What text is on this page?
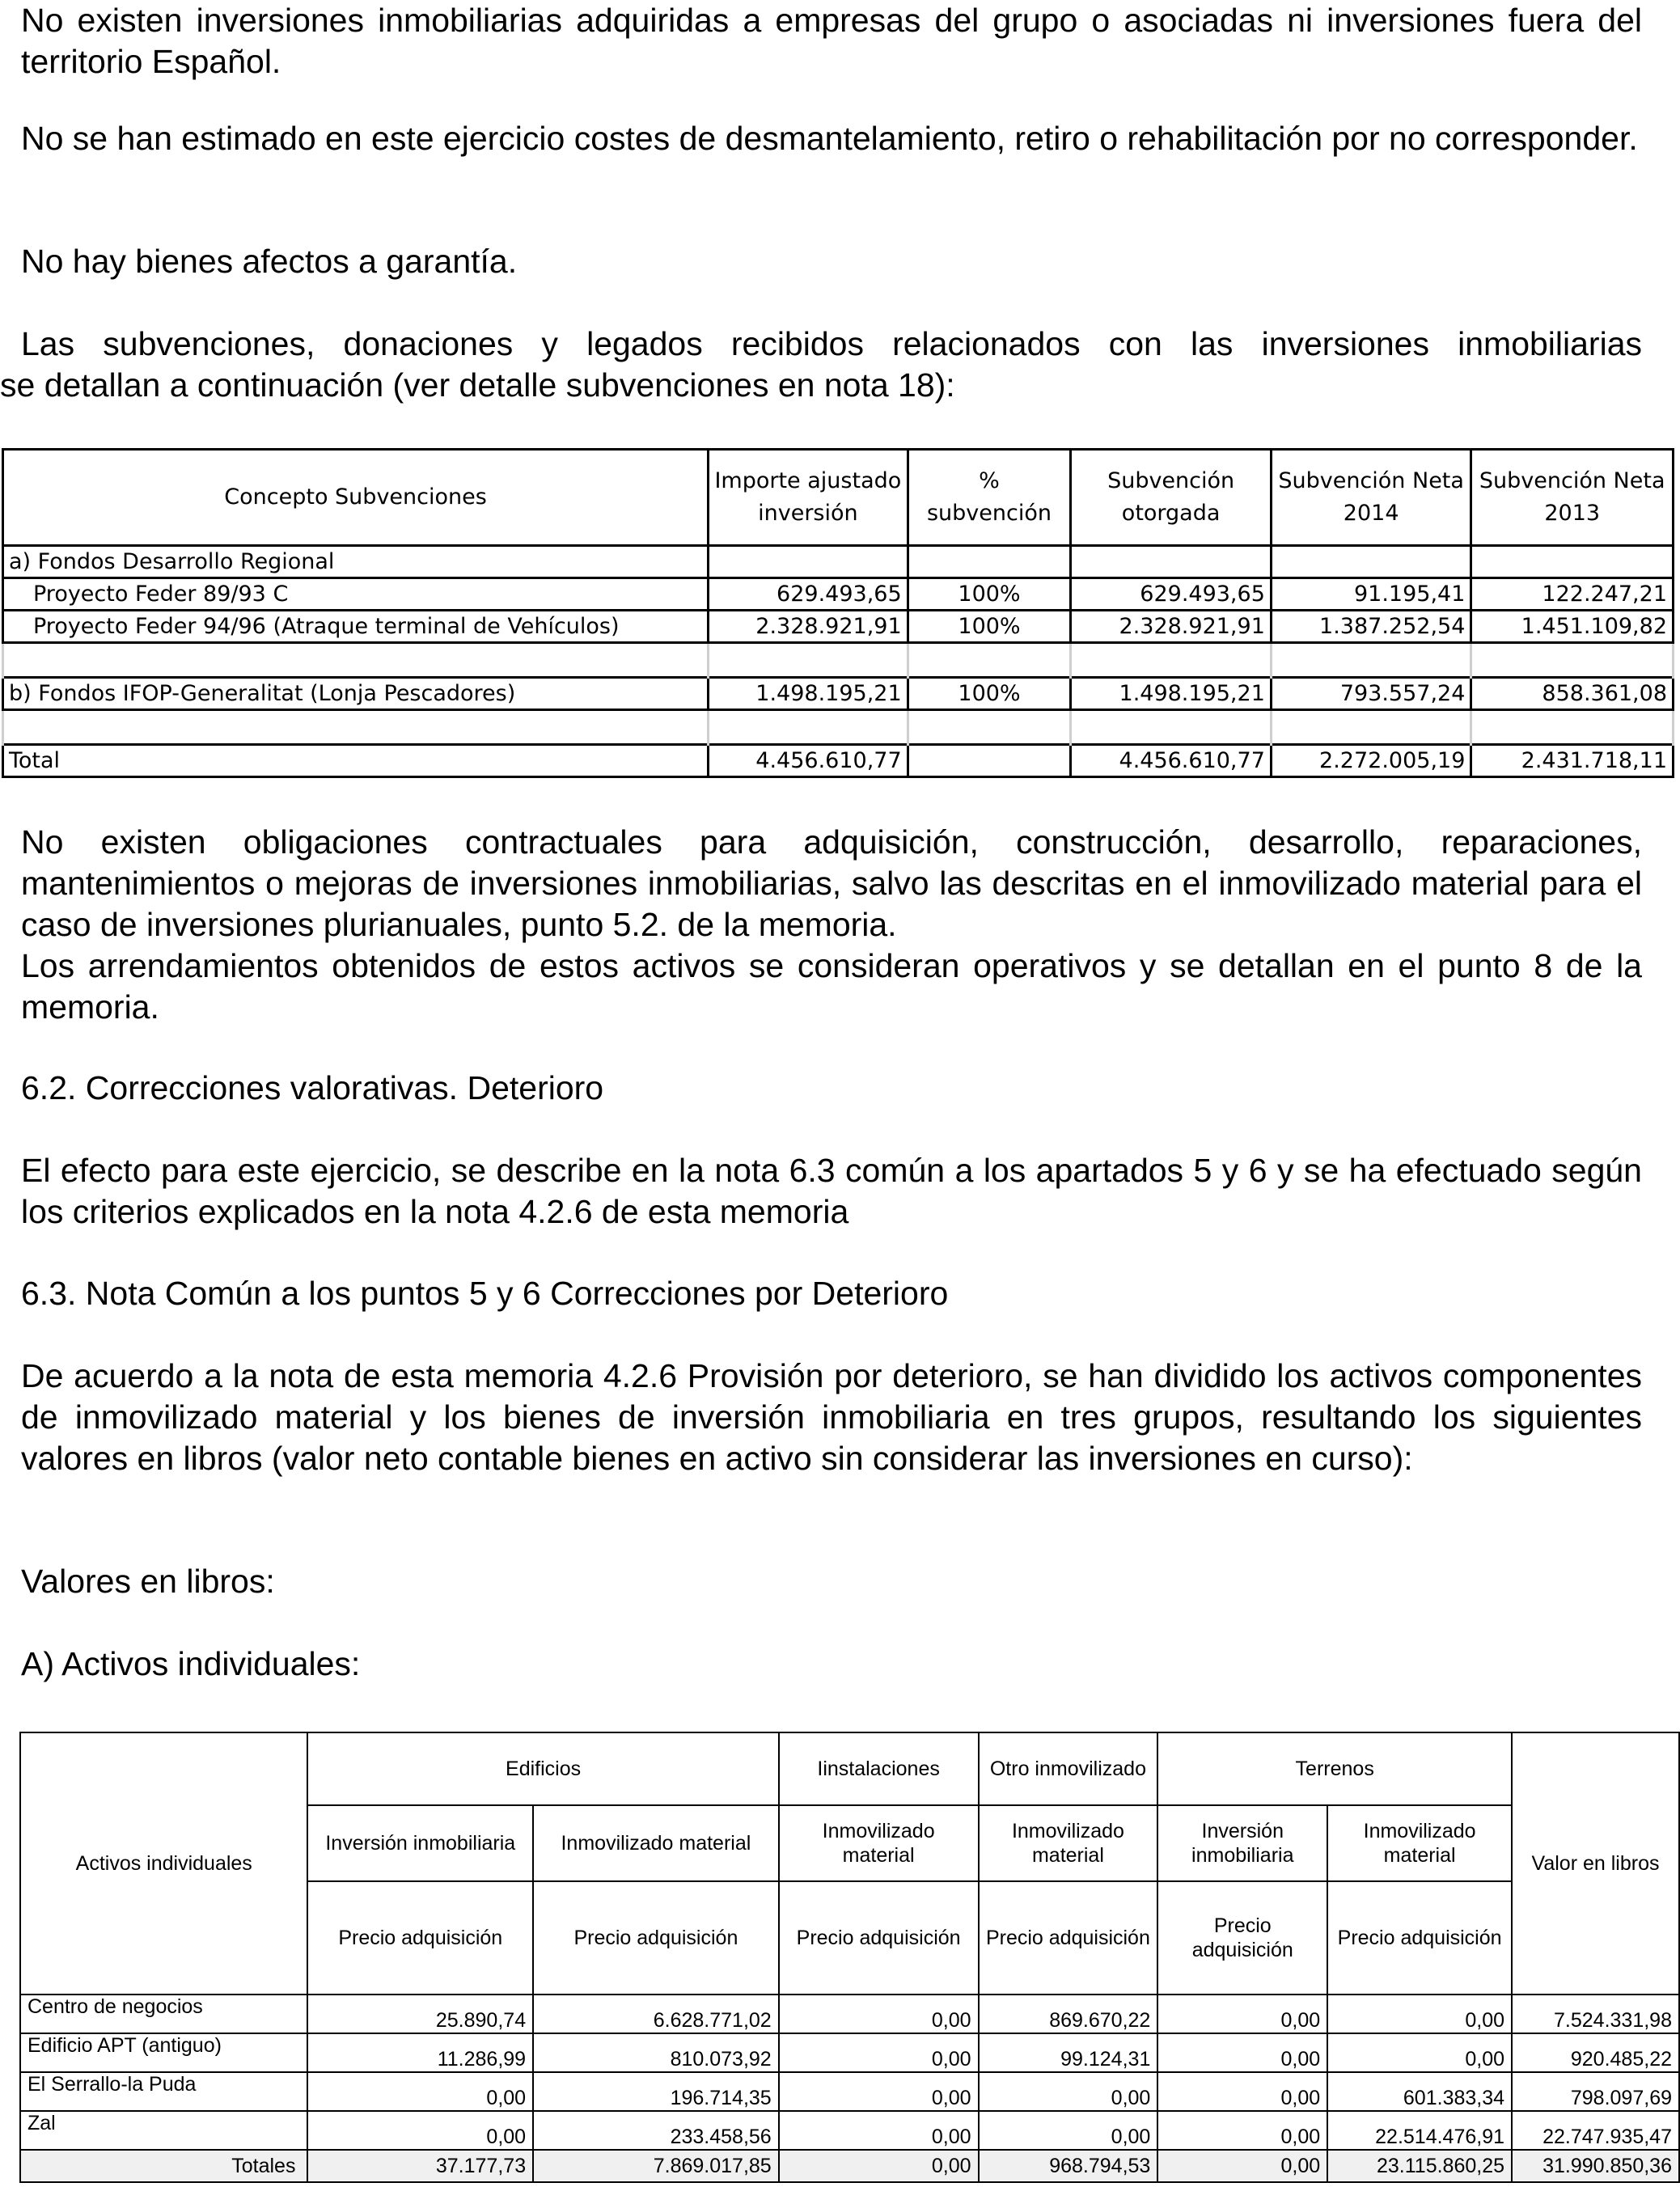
No existen inversiones inmobiliarias adquiridas a empresas del grupo o asociadas ni inversiones fuera del territorio Español.

No se han estimado en este ejercicio costes de desmantelamiento, retiro o rehabilitación por no corresponder.

No hay bienes afectos a garantía.

Las subvenciones, donaciones y legados recibidos relacionados con las inversiones inmobiliarias

se detallan a continuación (ver detalle subvenciones en nota 18):

Concepto Subvenciones	Importe ajustado inversión	% subvención	Subvención otorgada	Subvención Neta 2014	Subvención Neta 2013
a) Fondos Desarrollo Regional					
Proyecto Feder 89/93 C	629.493,65	100%	629.493,65	91.195,41	122.247,21
Proyecto Feder 94/96 (Atraque terminal de Vehículos)	2.328.921,91	100%	2.328.921,91	1.387.252,54	1.451.109,82

b) Fondos IFOP-Generalitat (Lonja Pescadores)	1.498.195,21	100%	1.498.195,21	793.557,24	858.361,08

Total	4.456.610,77		4.456.610,77	2.272.005,19	2.431.718,11

No existen obligaciones contractuales para adquisición, construcción, desarrollo, reparaciones, mantenimientos o mejoras de inversiones inmobiliarias, salvo las descritas en el inmovilizado material para el caso de inversiones plurianuales, punto 5.2. de la memoria.

Los arrendamientos obtenidos de estos activos se consideran operativos y se detallan en el punto 8 de la memoria.

6.2. Correcciones valorativas. Deterioro

El efecto para este ejercicio, se describe en la nota 6.3 común a los apartados 5 y 6 y se ha efectuado según los criterios explicados en la nota 4.2.6 de esta memoria

6.3. Nota Común a los puntos 5 y 6 Correcciones por Deterioro

De acuerdo a la nota de esta memoria 4.2.6 Provisión por deterioro, se han dividido los activos componentes de inmovilizado material y los bienes de inversión inmobiliaria en tres grupos, resultando los siguientes valores en libros (valor neto contable bienes en activo sin considerar las inversiones en curso):

Valores en libros:

A) Activos individuales:

Activos individuales	Edificios		Iinstalaciones	Otro inmovilizado	Terrenos		Valor en libros
	Inversión inmobiliaria	Inmovilizado material	Inmovilizado material	Inmovilizado material	Inversión inmobiliaria	Inmovilizado material	
	Precio adquisición	Precio adquisición	Precio adquisición	Precio adquisición	Precio adquisición	Precio adquisición	
Centro de negocios	25.890,74	6.628.771,02	0,00	869.670,22	0,00	0,00	7.524.331,98
Edificio APT (antiguo)	11.286,99	810.073,92	0,00	99.124,31	0,00	0,00	920.485,22
El Serrallo-la Puda	0,00	196.714,35	0,00	0,00	0,00	601.383,34	798.097,69
Zal	0,00	233.458,56	0,00	0,00	0,00	22.514.476,91	22.747.935,47
Totales	37.177,73	7.869.017,85	0,00	968.794,53	0,00	23.115.860,25	31.990.850,36
